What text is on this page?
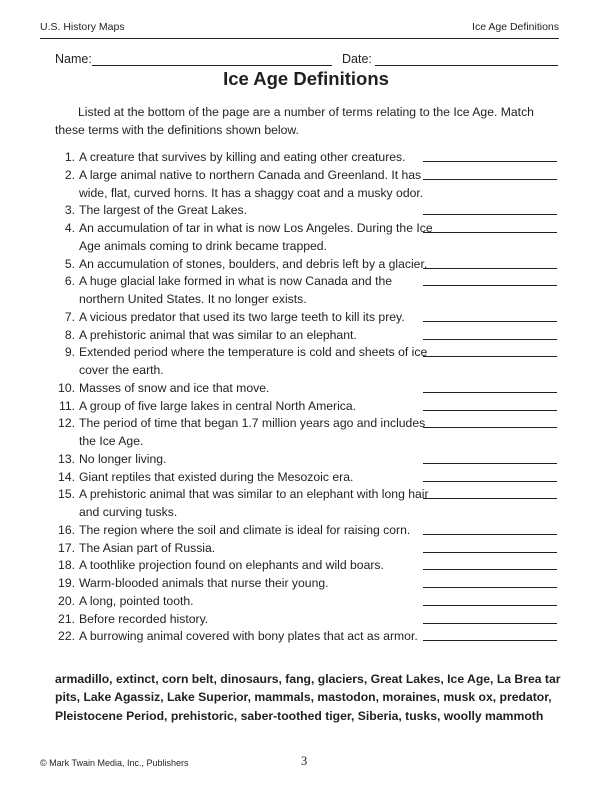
U.S. History Maps	Ice Age Definitions
Name:	Date:
Ice Age Definitions
Listed at the bottom of the page are a number of terms relating to the Ice Age. Match these terms with the definitions shown below.
1. A creature that survives by killing and eating other creatures.
2. A large animal native to northern Canada and Greenland. It has wide, flat, curved horns. It has a shaggy coat and a musky odor.
3. The largest of the Great Lakes.
4. An accumulation of tar in what is now Los Angeles. During the Ice Age animals coming to drink became trapped.
5. An accumulation of stones, boulders, and debris left by a glacier.
6. A huge glacial lake formed in what is now Canada and the northern United States. It no longer exists.
7. A vicious predator that used its two large teeth to kill its prey.
8. A prehistoric animal that was similar to an elephant.
9. Extended period where the temperature is cold and sheets of ice cover the earth.
10. Masses of snow and ice that move.
11. A group of five large lakes in central North America.
12. The period of time that began 1.7 million years ago and includes the Ice Age.
13. No longer living.
14. Giant reptiles that existed during the Mesozoic era.
15. A prehistoric animal that was similar to an elephant with long hair and curving tusks.
16. The region where the soil and climate is ideal for raising corn.
17. The Asian part of Russia.
18. A toothlike projection found on elephants and wild boars.
19. Warm-blooded animals that nurse their young.
20. A long, pointed tooth.
21. Before recorded history.
22. A burrowing animal covered with bony plates that act as armor.
armadillo, extinct, corn belt, dinosaurs, fang, glaciers, Great Lakes, Ice Age, La Brea tar pits, Lake Agassiz, Lake Superior, mammals, mastodon, moraines, musk ox, predator, Pleistocene Period, prehistoric, saber-toothed tiger, Siberia, tusks, woolly mammoth
© Mark Twain Media, Inc., Publishers	3
